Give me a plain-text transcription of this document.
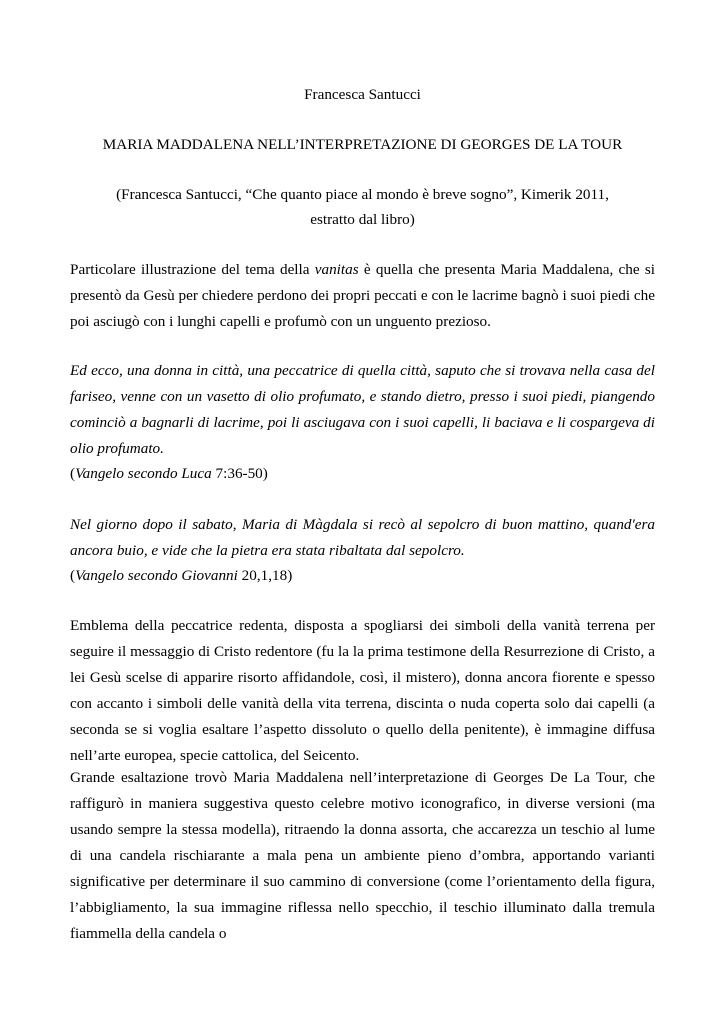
Francesca Santucci
MARIA MADDALENA NELL’INTERPRETAZIONE DI GEORGES DE LA TOUR
(Francesca Santucci, “Che quanto piace al mondo è breve sogno”, Kimerik 2011,
estratto dal libro)

Particolare illustrazione del tema della vanitas è quella che presenta Maria Maddalena, che si presentò da Gesù per chiedere perdono dei propri peccati e con le lacrime bagnò i suoi piedi che poi asciugò con i lunghi capelli e profumò con un unguento prezioso.

Ed ecco, una donna in città, una peccatrice di quella città, saputo che si trovava nella casa del fariseo, venne con un vasetto di olio profumato, e stando dietro, presso i suoi piedi, piangendo cominciò a bagnarli di lacrime, poi li asciugava con i suoi capelli, li baciava e li cospargeva di olio profumato.

(Vangelo secondo Luca 7:36-50)

Nel giorno dopo il sabato, Maria di Màgdala si recò al sepolcro di buon mattino, quand'era ancora buio, e vide che la pietra era stata ribaltata dal sepolcro.

(Vangelo secondo Giovanni 20,1,18)

Emblema della peccatrice redenta, disposta a spogliarsi dei simboli della vanità terrena per seguire il messaggio di Cristo redentore (fu la la prima testimone della Resurrezione di Cristo, a lei Gesù scelse di apparire risorto affidandole, così, il mistero), donna ancora fiorente e spesso con accanto i simboli delle vanità della vita terrena, discinta o nuda coperta solo dai capelli (a seconda se si voglia esaltare l’aspetto dissoluto o quello della penitente), è immagine diffusa nell’arte europea, specie cattolica, del Seicento.

Grande esaltazione trovò Maria Maddalena nell’interpretazione di Georges De La Tour, che raffigurò in maniera suggestiva questo celebre motivo iconografico, in diverse versioni (ma usando sempre la stessa modella), ritraendo la donna assorta, che accarezza un teschio al lume di una candela rischiarante a mala pena un ambiente pieno d’ombra, apportando varianti significative per determinare il suo cammino di conversione (come l’orientamento della figura, l’abbigliamento, la sua immagine riflessa nello specchio, il teschio illuminato dalla tremula fiammella della candela o
